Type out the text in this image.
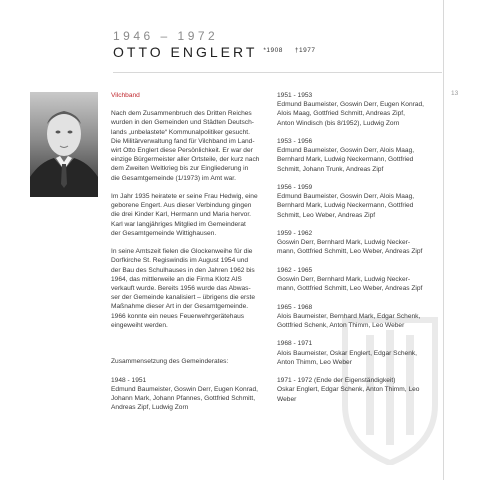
1946 – 1972
OTTO ENGLERT $^{*1908}$ $^{\dagger 1977}$
13
Vilchband

Nach dem Zusammenbruch des Dritten Reiches
wurden in den Gemeinden und Städten Deutsch-
lands „unbelastete“ Kommunalpolitiker gesucht.
Die Militärverwaltung fand für Vilchband im Land-
wirt Otto Englert diese Persönlichkeit. Er war der
einzige Bürgermeister aller Ortsteile, der kurz nach
dem Zweiten Weltkrieg bis zur Eingliederung in
die Gesamtgemeinde (1/1973) im Amt war.

Im Jahr 1935 heiratete er seine Frau Hedwig, eine
geborene Engert. Aus dieser Verbindung gingen
die drei Kinder Karl, Hermann und Maria hervor.
Karl war langjähriges Mitglied im Gemeinderat
der Gesamtgemeinde Wittighausen.

In seine Amtszeit fielen die Glockenweihe für die
Dorfkirche St. Regiswindis im August 1954 und
der Bau des Schulhauses in den Jahren 1962 bis
1964, das mittlerweile an die Firma Klotz AIS
verkauft wurde. Bereits 1956 wurde das Abwas-
ser der Gemeinde kanalisiert – übrigens die erste
Maßnahme dieser Art in der Gesamtgemeinde.
1966 konnte ein neues Feuerwehrgerätehaus
eingeweiht werden.

Zusammensetzung des Gemeinderates:

1948 - 1951
Edmund Baumeister, Goswin Derr, Eugen Konrad,
Johann Mark, Johann Pfannes, Gottfried Schmitt,
Andreas Zipf, Ludwig Zorn
1951 - 1953
Edmund Baumeister, Goswin Derr, Eugen Konrad,
Alois Maag, Gottfried Schmitt, Andreas Zipf,
Anton Windisch (bis 8/1952), Ludwig Zorn
1953 - 1956
Edmund Baumeister, Goswin Derr, Alois Maag,
Bernhard Mark, Ludwig Neckermann, Gottfried
Schmitt, Johann Trunk, Andreas Zipf
1956 - 1959
Edmund Baumeister, Goswin Derr, Alois Maag,
Bernhard Mark, Ludwig Neckermann, Gottfried
Schmitt, Leo Weber, Andreas Zipf
1959 - 1962
Goswin Derr, Bernhard Mark, Ludwig Necker-
mann, Gottfried Schmitt, Leo Weber, Andreas Zipf
1962 - 1965
Goswin Derr, Bernhard Mark, Ludwig Necker-
mann, Gottfried Schmitt, Leo Weber, Andreas Zipf
1965 - 1968
Alois Baumeister, Bernhard Mark, Edgar Schenk,
Gottfried Schenk, Anton Thimm, Leo Weber
1968 - 1971
Alois Baumeister, Oskar Englert, Edgar Schenk,
Anton Thimm, Leo Weber
1971 - 1972 (Ende der Eigenständigkeit)
Oskar Englert, Edgar Schenk, Anton Thimm,
Weber
